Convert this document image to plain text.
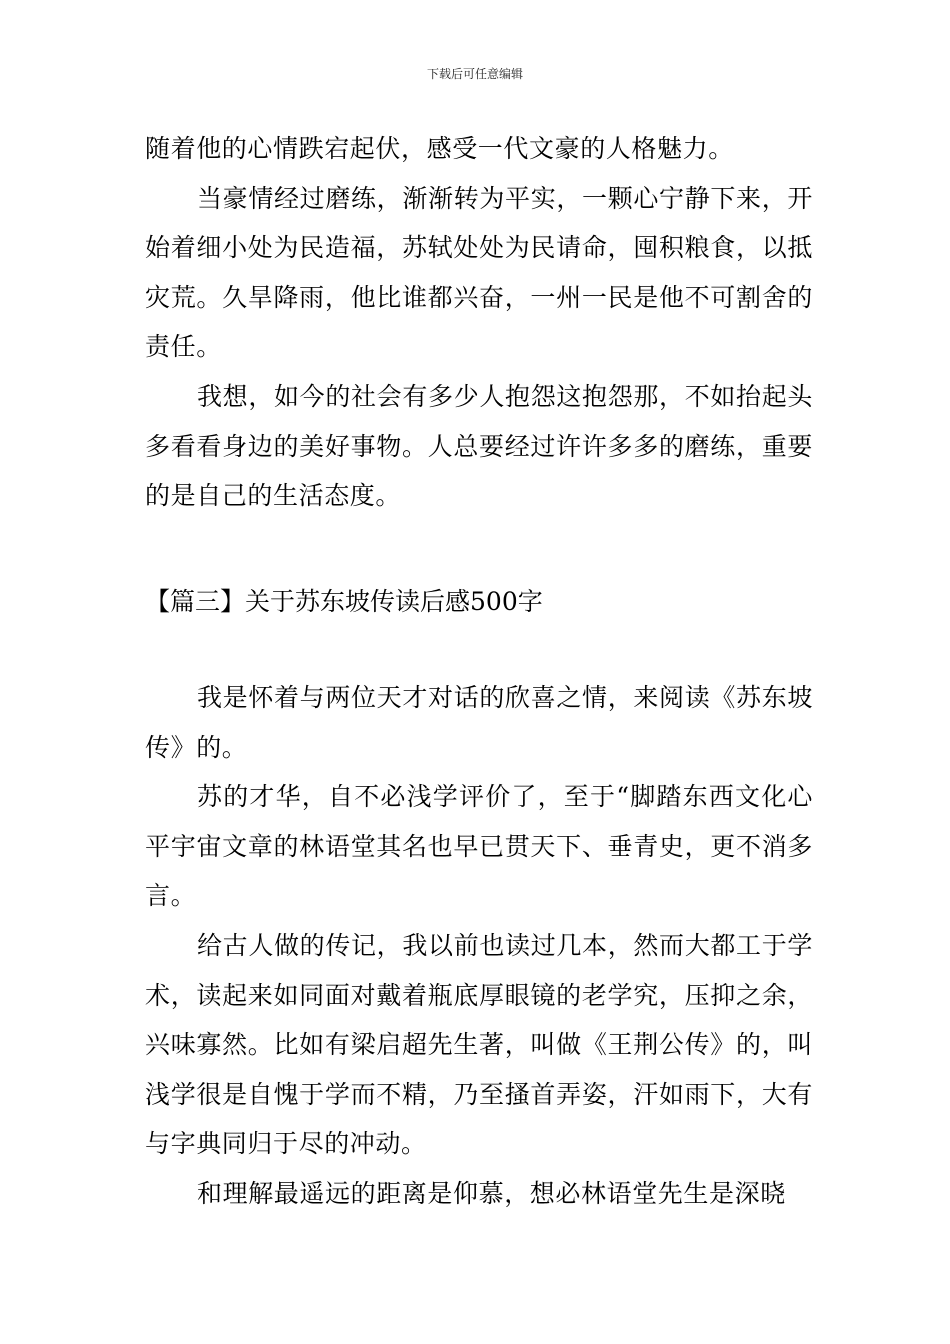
下载后可任意编辑

随着他的心情跌宕起伏，感受一代文豪的人格魅力。

当豪情经过磨练，渐渐转为平实，一颗心宁静下来，开始着细小处为民造福，苏轼处处为民请命，囤积粮食，以抵灾荒。久旱降雨，他比谁都兴奋，一州一民是他不可割舍的责任。

我想，如今的社会有多少人抱怨这抱怨那，不如抬起头多看看身边的美好事物。人总要经过许许多多的磨练，重要的是自己的生活态度。

【篇三】关于苏东坡传读后感500字

我是怀着与两位天才对话的欣喜之情，来阅读《苏东坡传》的。

苏的才华，自不必浅学评价了，至于“脚踏东西文化心平宇宙文章的林语堂其名也早已贯天下、垂青史，更不消多言。

给古人做的传记，我以前也读过几本，然而大都工于学术，读起来如同面对戴着瓶底厚眼镜的老学究，压抑之余，兴味寡然。比如有梁启超先生著，叫做《王荆公传》的，叫浅学很是自愧于学而不精，乃至搔首弄姿，汗如雨下，大有与字典同归于尽的冲动。

和理解最遥远的距离是仰慕，想必林语堂先生是深晓
